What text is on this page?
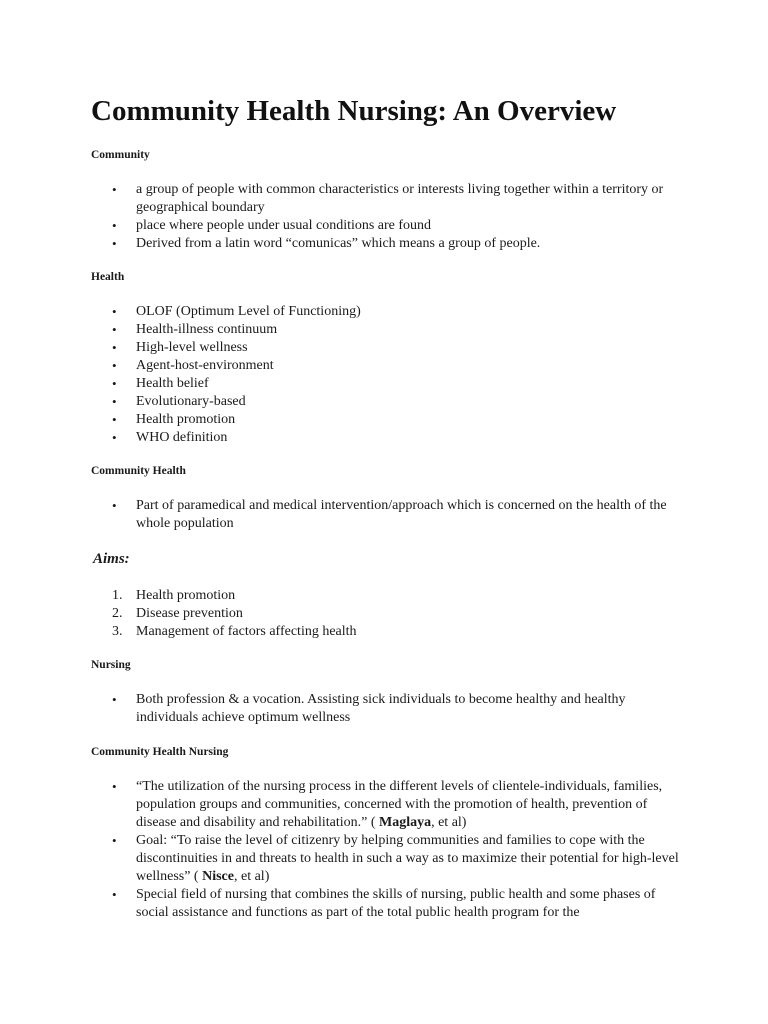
Community Health Nursing: An Overview

Community

• a group of people with common characteristics or interests living together within a territory or geographical boundary
• place where people under usual conditions are found
• Derived from a latin word “comunicas” which means a group of people.

Health

• OLOF (Optimum Level of Functioning)
• Health-illness continuum
• High-level wellness
• Agent-host-environment
• Health belief
• Evolutionary-based
• Health promotion
• WHO definition

Community Health

• Part of paramedical and medical intervention/approach which is concerned on the health of the whole population

Aims:

1. Health promotion
2. Disease prevention
3. Management of factors affecting health

Nursing

• Both profession & a vocation. Assisting sick individuals to become healthy and healthy individuals achieve optimum wellness

Community Health Nursing

• “The utilization of the nursing process in the different levels of clientele-individuals, families, population groups and communities, concerned with the promotion of health, prevention of disease and disability and rehabilitation.” ( Maglaya, et al)
• Goal: “To raise the level of citizenry by helping communities and families to cope with the discontinuities in and threats to health in such a way as to maximize their potential for high-level wellness” ( Nisce, et al)
• Special field of nursing that combines the skills of nursing, public health and some phases of social assistance and functions as part of the total public health program for the
